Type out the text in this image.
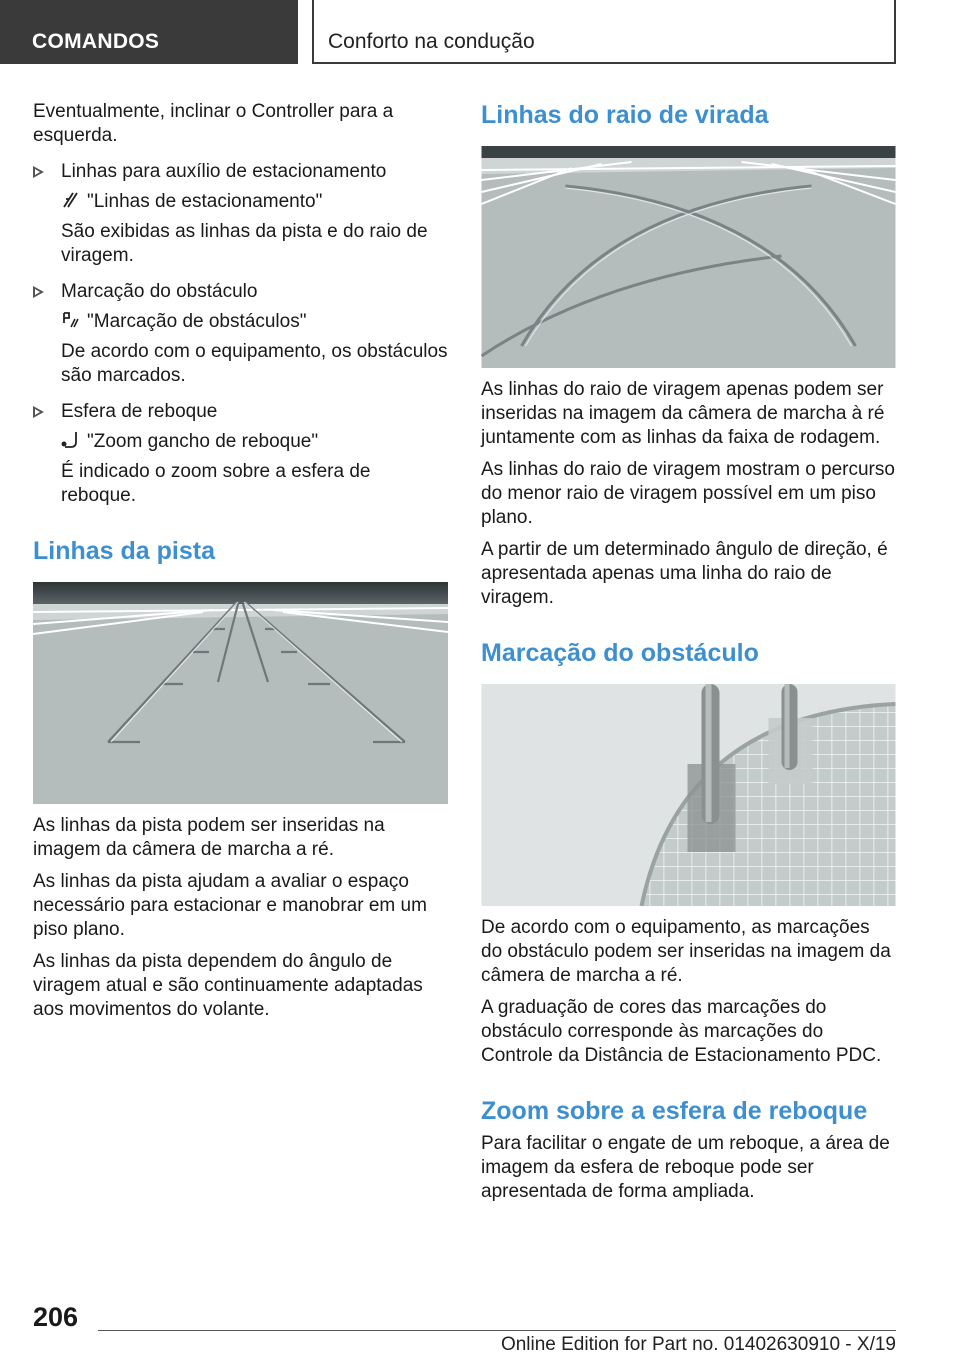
COMANDOS	Conforto na condução

Eventualmente, inclinar o Controller para a esquerda.

Linhas para auxílio de estacionamento
"Linhas de estacionamento"
São exibidas as linhas da pista e do raio de viragem.
Marcação do obstáculo
"Marcação de obstáculos"
De acordo com o equipamento, os obstáculos são marcados.
Esfera de reboque
"Zoom gancho de reboque"
É indicado o zoom sobre a esfera de reboque.
Linhas da pista

As linhas da pista podem ser inseridas na imagem da câmera de marcha a ré.

As linhas da pista ajudam a avaliar o espaço necessário para estacionar e manobrar em um piso plano.

As linhas da pista dependem do ângulo de viragem atual e são continuamente adaptadas aos movimentos do volante.

Linhas do raio de virada

As linhas do raio de viragem apenas podem ser inseridas na imagem da câmera de marcha à ré juntamente com as linhas da faixa de rodagem.

As linhas do raio de viragem mostram o percurso do menor raio de viragem possível em um piso plano.

A partir de um determinado ângulo de direção, é apresentada apenas uma linha do raio de viragem.

Marcação do obstáculo

De acordo com o equipamento, as marcações do obstáculo podem ser inseridas na imagem da câmera de marcha a ré.

A graduação de cores das marcações do obstáculo corresponde às marcações do Controle da Distância de Estacionamento PDC.

Zoom sobre a esfera de reboque

Para facilitar o engate de um reboque, a área de imagem da esfera de reboque pode ser apresentada de forma ampliada.

206
Online Edition for Part no. 01402630910 - X/19
